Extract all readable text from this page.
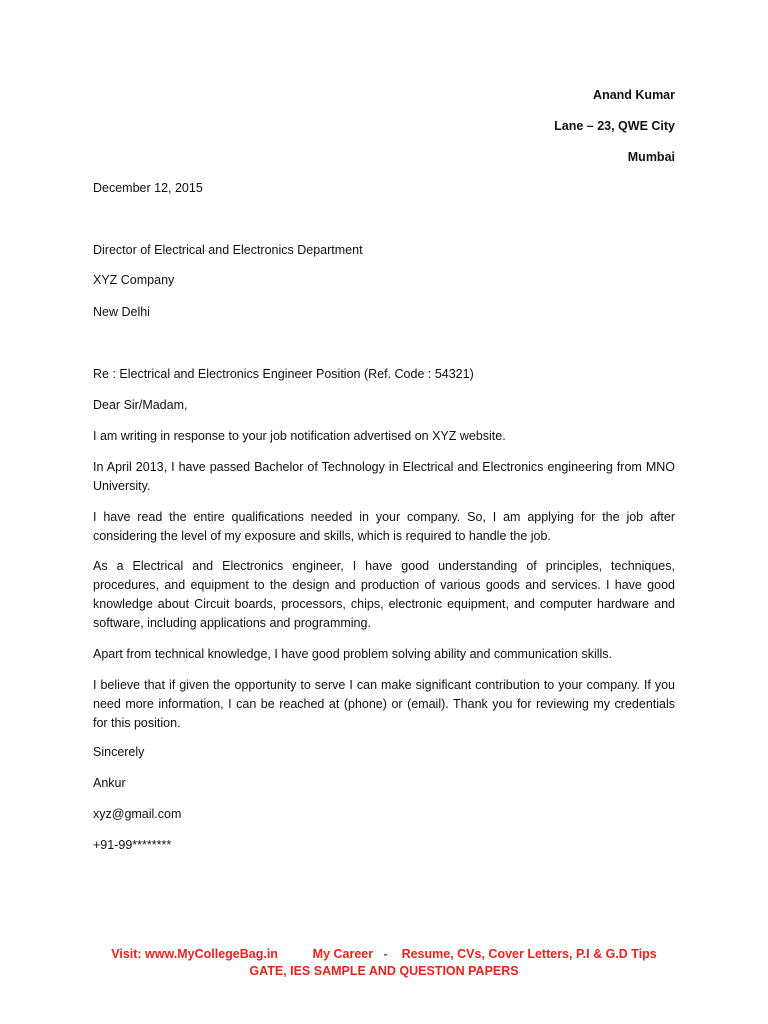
Anand Kumar
Lane – 23, QWE City
Mumbai
December 12, 2015
Director of Electrical and Electronics Department
XYZ Company
New Delhi
Re : Electrical and Electronics Engineer Position (Ref. Code : 54321)
Dear Sir/Madam,
I am writing in response to your job notification advertised on XYZ website.
In April 2013, I have passed Bachelor of Technology in Electrical and Electronics engineering from MNO University.
I have read the entire qualifications needed in your company. So, I am applying for the job after considering the level of my exposure and skills, which is required to handle the job.
As a Electrical and Electronics engineer, I have good understanding of principles, techniques, procedures, and equipment to the design and production of various goods and services. I have good knowledge about Circuit boards, processors, chips, electronic equipment, and computer hardware and software, including applications and programming.
Apart from technical knowledge, I have good problem solving ability and communication skills.
I believe that if given the opportunity to serve I can make significant contribution to your company. If you need more information, I can be reached at (phone) or (email). Thank you for reviewing my credentials for this position.
Sincerely
Ankur
xyz@gmail.com
+91-99********
Visit: www.MyCollegeBag.in          My Career   -    Resume, CVs, Cover Letters, P.I & G.D Tips
GATE, IES SAMPLE AND QUESTION PAPERS
